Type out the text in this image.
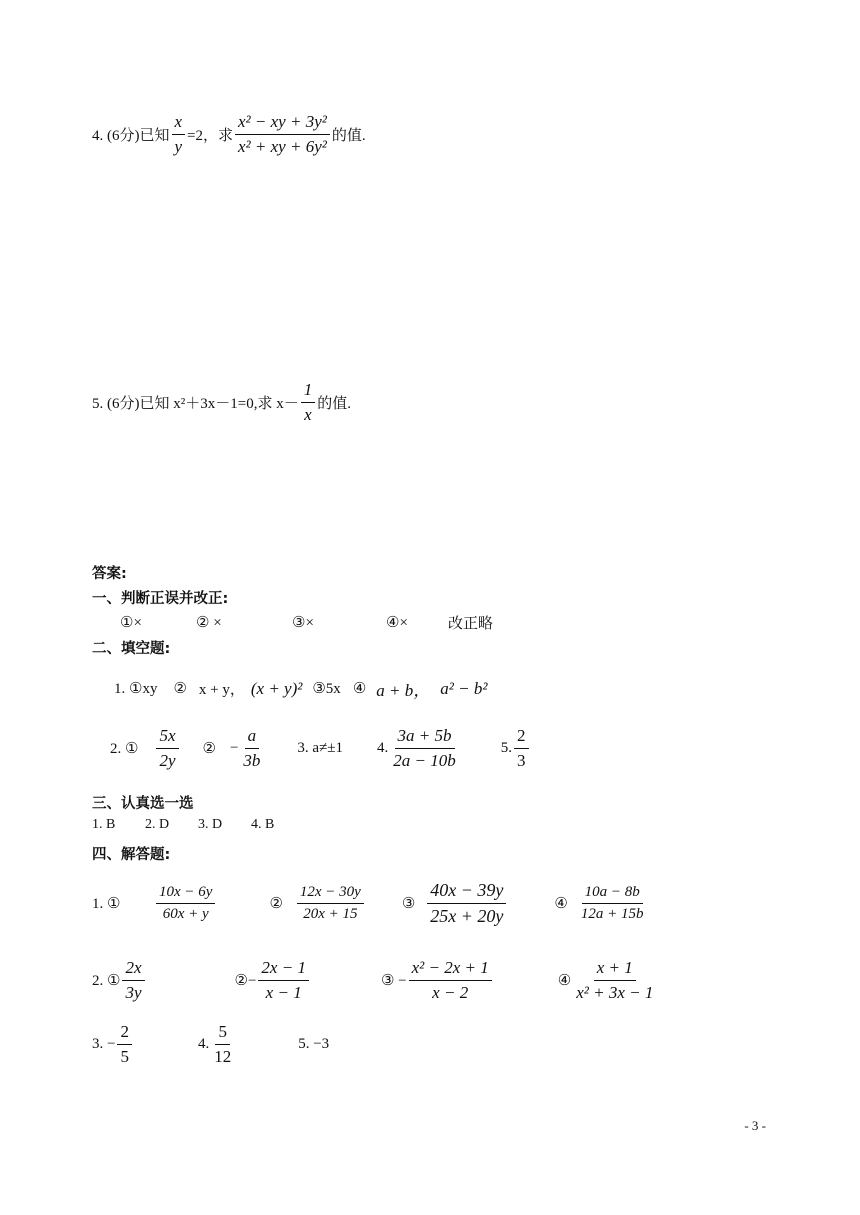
4. (6分)已知 $\frac{x}{y} =2$，求 $\frac{\text{x² − xy + 3y²}}{\text{x² + xy + 6y²}}$ 的值.
5. (6分)已知 x²＋3x－1=0,求 $x- \frac{1}{x}$ 的值.
答案:
一、判断正误并改正:
①×	② ×	③×	④×	改正略
二、填空题:
1. ①xy ② x + y， (x + y)² ③5x ④ a + b， a² − b²
2. ① $\frac{5x}{2y}$ ② − $\frac{a}{3b} 3$. a≠±1 4. $\frac{3a + 5b}{2a - 10b}$	5. $\frac{2}{3}$
三、认真选一选
1. B	2. D	3. D	4. B
四、解答题:
1. ①	$\frac{10x - 6y}{60x + y}$	② $\frac{12x - 30y}{20x + 15}$	③ $\frac{40x - 39y}{25x + 20y}$	④ $\frac{10a - 8b}{12a + 15b}$
2. ① $\frac{2x}{3y}$	②− $\frac{2x - 1}{x - 1}$	③ − $\frac{\text{x² − 2x + 1}}{x - 2}$	④ $\frac{x + 1}{\text{x² + 3x − 1}}$
3. − $\frac{2}{5}$	4. $\frac{5}{12}$	5. −3
- 3 -
